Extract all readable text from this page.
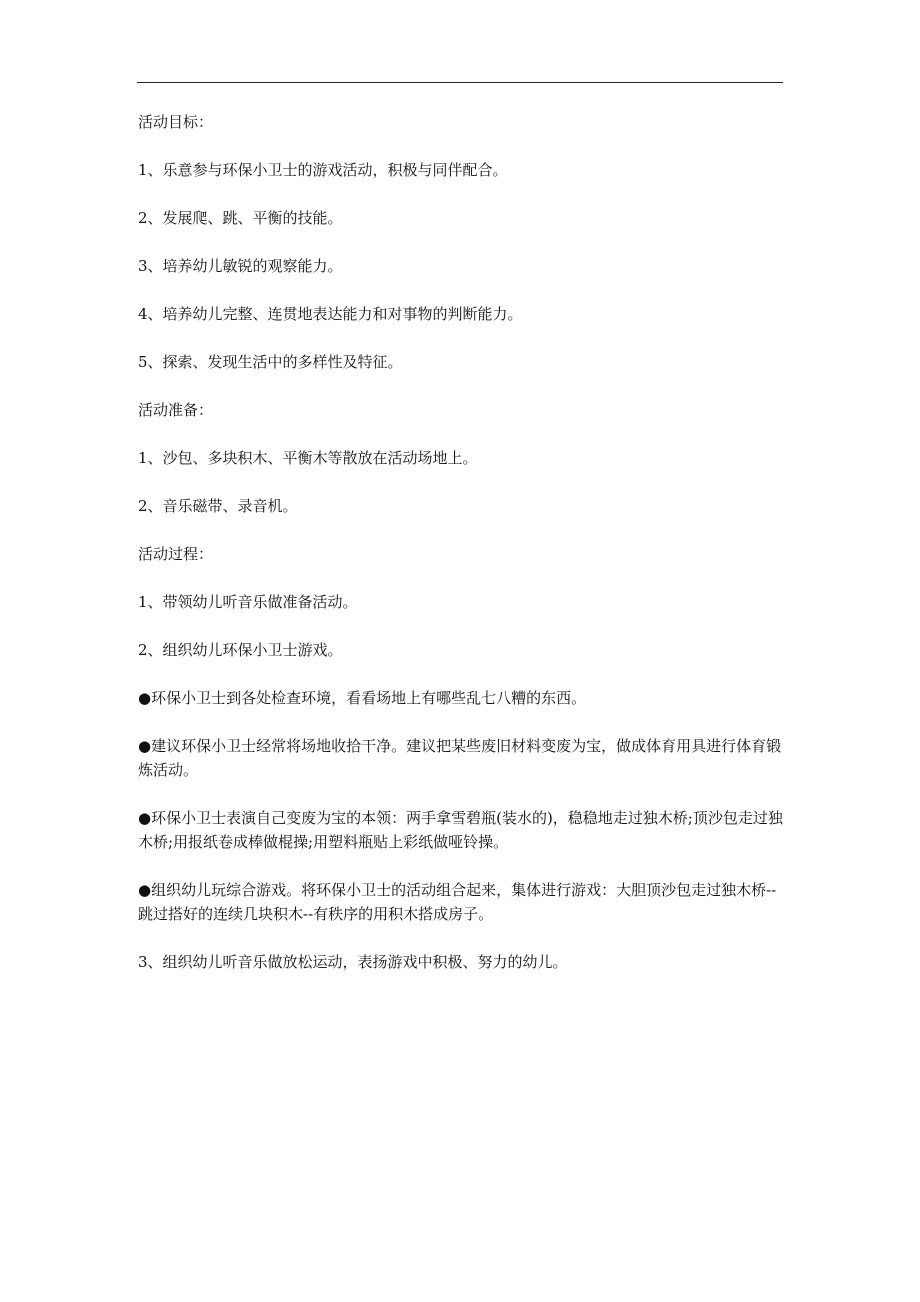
活动目标：

1、乐意参与环保小卫士的游戏活动，积极与同伴配合。

2、发展爬、跳、平衡的技能。

3、培养幼儿敏锐的观察能力。

4、培养幼儿完整、连贯地表达能力和对事物的判断能力。

5、探索、发现生活中的多样性及特征。

活动准备：

1、沙包、多块积木、平衡木等散放在活动场地上。

2、音乐磁带、录音机。

活动过程：

1、带领幼儿听音乐做准备活动。

2、组织幼儿环保小卫士游戏。

●环保小卫士到各处检查环境，看看场地上有哪些乱七八糟的东西。

●建议环保小卫士经常将场地收拾干净。建议把某些废旧材料变废为宝，做成体育用具进行体育锻炼活动。

●环保小卫士表演自己变废为宝的本领：两手拿雪碧瓶(装水的)，稳稳地走过独木桥;顶沙包走过独木桥;用报纸卷成棒做棍操;用塑料瓶贴上彩纸做哑铃操。

●组织幼儿玩综合游戏。将环保小卫士的活动组合起来，集体进行游戏：大胆顶沙包走过独木桥--跳过搭好的连续几块积木--有秩序的用积木搭成房子。

3、组织幼儿听音乐做放松运动，表扬游戏中积极、努力的幼儿。
